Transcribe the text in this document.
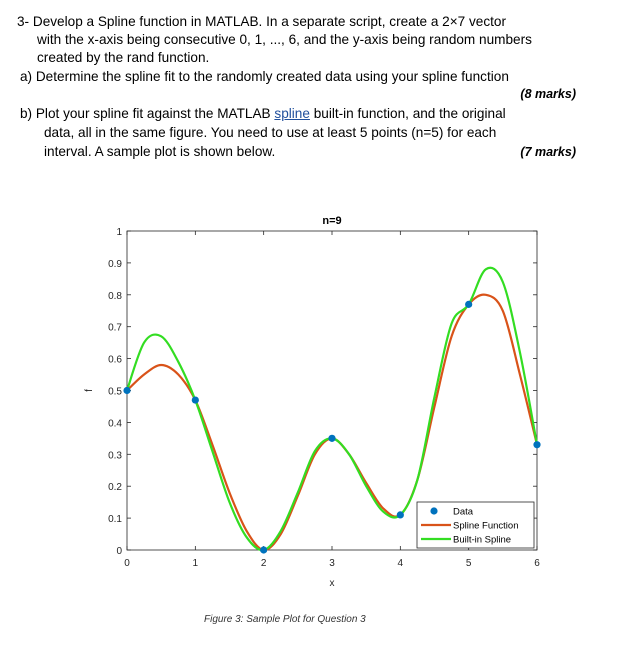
3- Develop a Spline function in MATLAB. In a separate script, create a 2×7 vector
with the x-axis being consecutive 0, 1, ..., 6, and the y-axis being random numbers
created by the rand function.
a) Determine the spline fit to the randomly created data using your spline function
(8 marks)
b) Plot your spline fit against the MATLAB spline built-in function, and the original
data, all in the same figure. You need to use at least 5 points (n=5) for each
interval. A sample plot is shown below.	(7 marks)
0	1	2	3	4	5	6
0
0.1
0.2
0.3
0.4
0.5
0.6
0.7
0.8
0.9
1
n=9
x
f
Data
Spline Function
Built-in Spline
Figure 3: Sample Plot for Question 3
